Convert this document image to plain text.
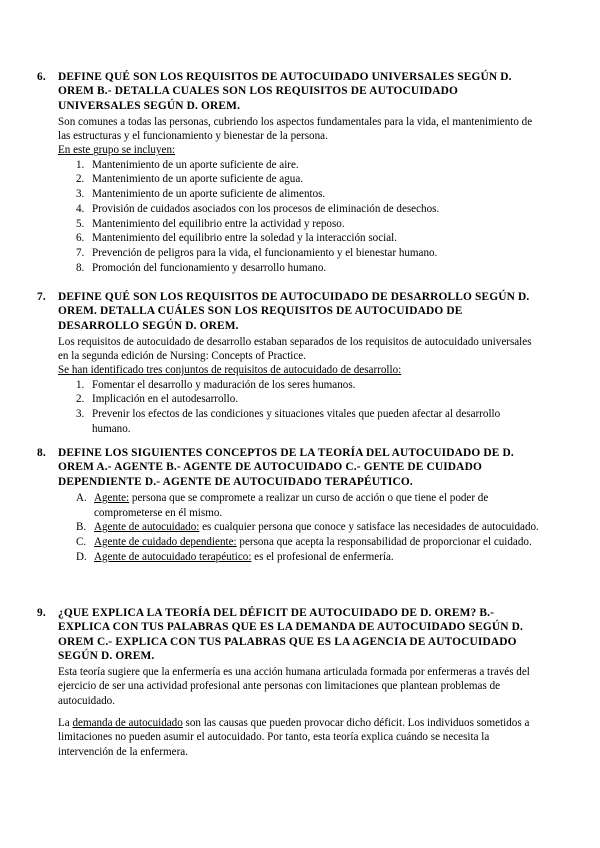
6. DEFINE QUÉ SON LOS REQUISITOS DE AUTOCUIDADO UNIVERSALES SEGÚN D. OREM B.- DETALLA CUALES SON LOS REQUISITOS DE AUTOCUIDADO UNIVERSALES SEGÚN D. OREM.
Son comunes a todas las personas, cubriendo los aspectos fundamentales para la vida, el mantenimiento de las estructuras y el funcionamiento y bienestar de la persona.
En este grupo se incluyen:
1. Mantenimiento de un aporte suficiente de aire.
2. Mantenimiento de un aporte suficiente de agua.
3. Mantenimiento de un aporte suficiente de alimentos.
4. Provisión de cuidados asociados con los procesos de eliminación de desechos.
5. Mantenimiento del equilibrio entre la actividad y reposo.
6. Mantenimiento del equilibrio entre la soledad y la interacción social.
7. Prevención de peligros para la vida, el funcionamiento y el bienestar humano.
8. Promoción del funcionamiento y desarrollo humano.
7. DEFINE QUÉ SON LOS REQUISITOS DE AUTOCUIDADO DE DESARROLLO SEGÚN D. OREM. DETALLA CUÁLES SON LOS REQUISITOS DE AUTOCUIDADO DE DESARROLLO SEGÚN D. OREM.
Los requisitos de autocuidado de desarrollo estaban separados de los requisitos de autocuidado universales en la segunda edición de Nursing: Concepts of Practice.
Se han identificado tres conjuntos de requisitos de autocuidado de desarrollo:
1. Fomentar el desarrollo y maduración de los seres humanos.
2. Implicación en el autodesarrollo.
3. Prevenir los efectos de las condiciones y situaciones vitales que pueden afectar al desarrollo humano.
8. DEFINE LOS SIGUIENTES CONCEPTOS DE LA TEORÍA DEL AUTOCUIDADO DE D. OREM A.- AGENTE B.- AGENTE DE AUTOCUIDADO C.- GENTE DE CUIDADO DEPENDIENTE D.- AGENTE DE AUTOCUIDADO TERAPÉUTICO.
A. Agente: persona que se compromete a realizar un curso de acción o que tiene el poder de comprometerse en él mismo.
B. Agente de autocuidado: es cualquier persona que conoce y satisface las necesidades de autocuidado.
C. Agente de cuidado dependiente: persona que acepta la responsabilidad de proporcionar el cuidado.
D. Agente de autocuidado terapéutico: es el profesional de enfermería.
9. ¿QUE EXPLICA LA TEORÍA DEL DÉFICIT DE AUTOCUIDADO DE D. OREM? B.- EXPLICA CON TUS PALABRAS QUE ES LA DEMANDA DE AUTOCUIDADO SEGÚN D. OREM C.- EXPLICA CON TUS PALABRAS QUE ES LA AGENCIA DE AUTOCUIDADO SEGÚN D. OREM.
Esta teoría sugiere que la enfermería es una acción humana articulada formada por enfermeras a través del ejercicio de ser una actividad profesional ante personas con limitaciones que plantean problemas de autocuidado.
La demanda de autocuidado son las causas que pueden provocar dicho déficit. Los individuos sometidos a limitaciones no pueden asumir el autocuidado. Por tanto, esta teoría explica cuándo se necesita la intervención de la enfermera.
